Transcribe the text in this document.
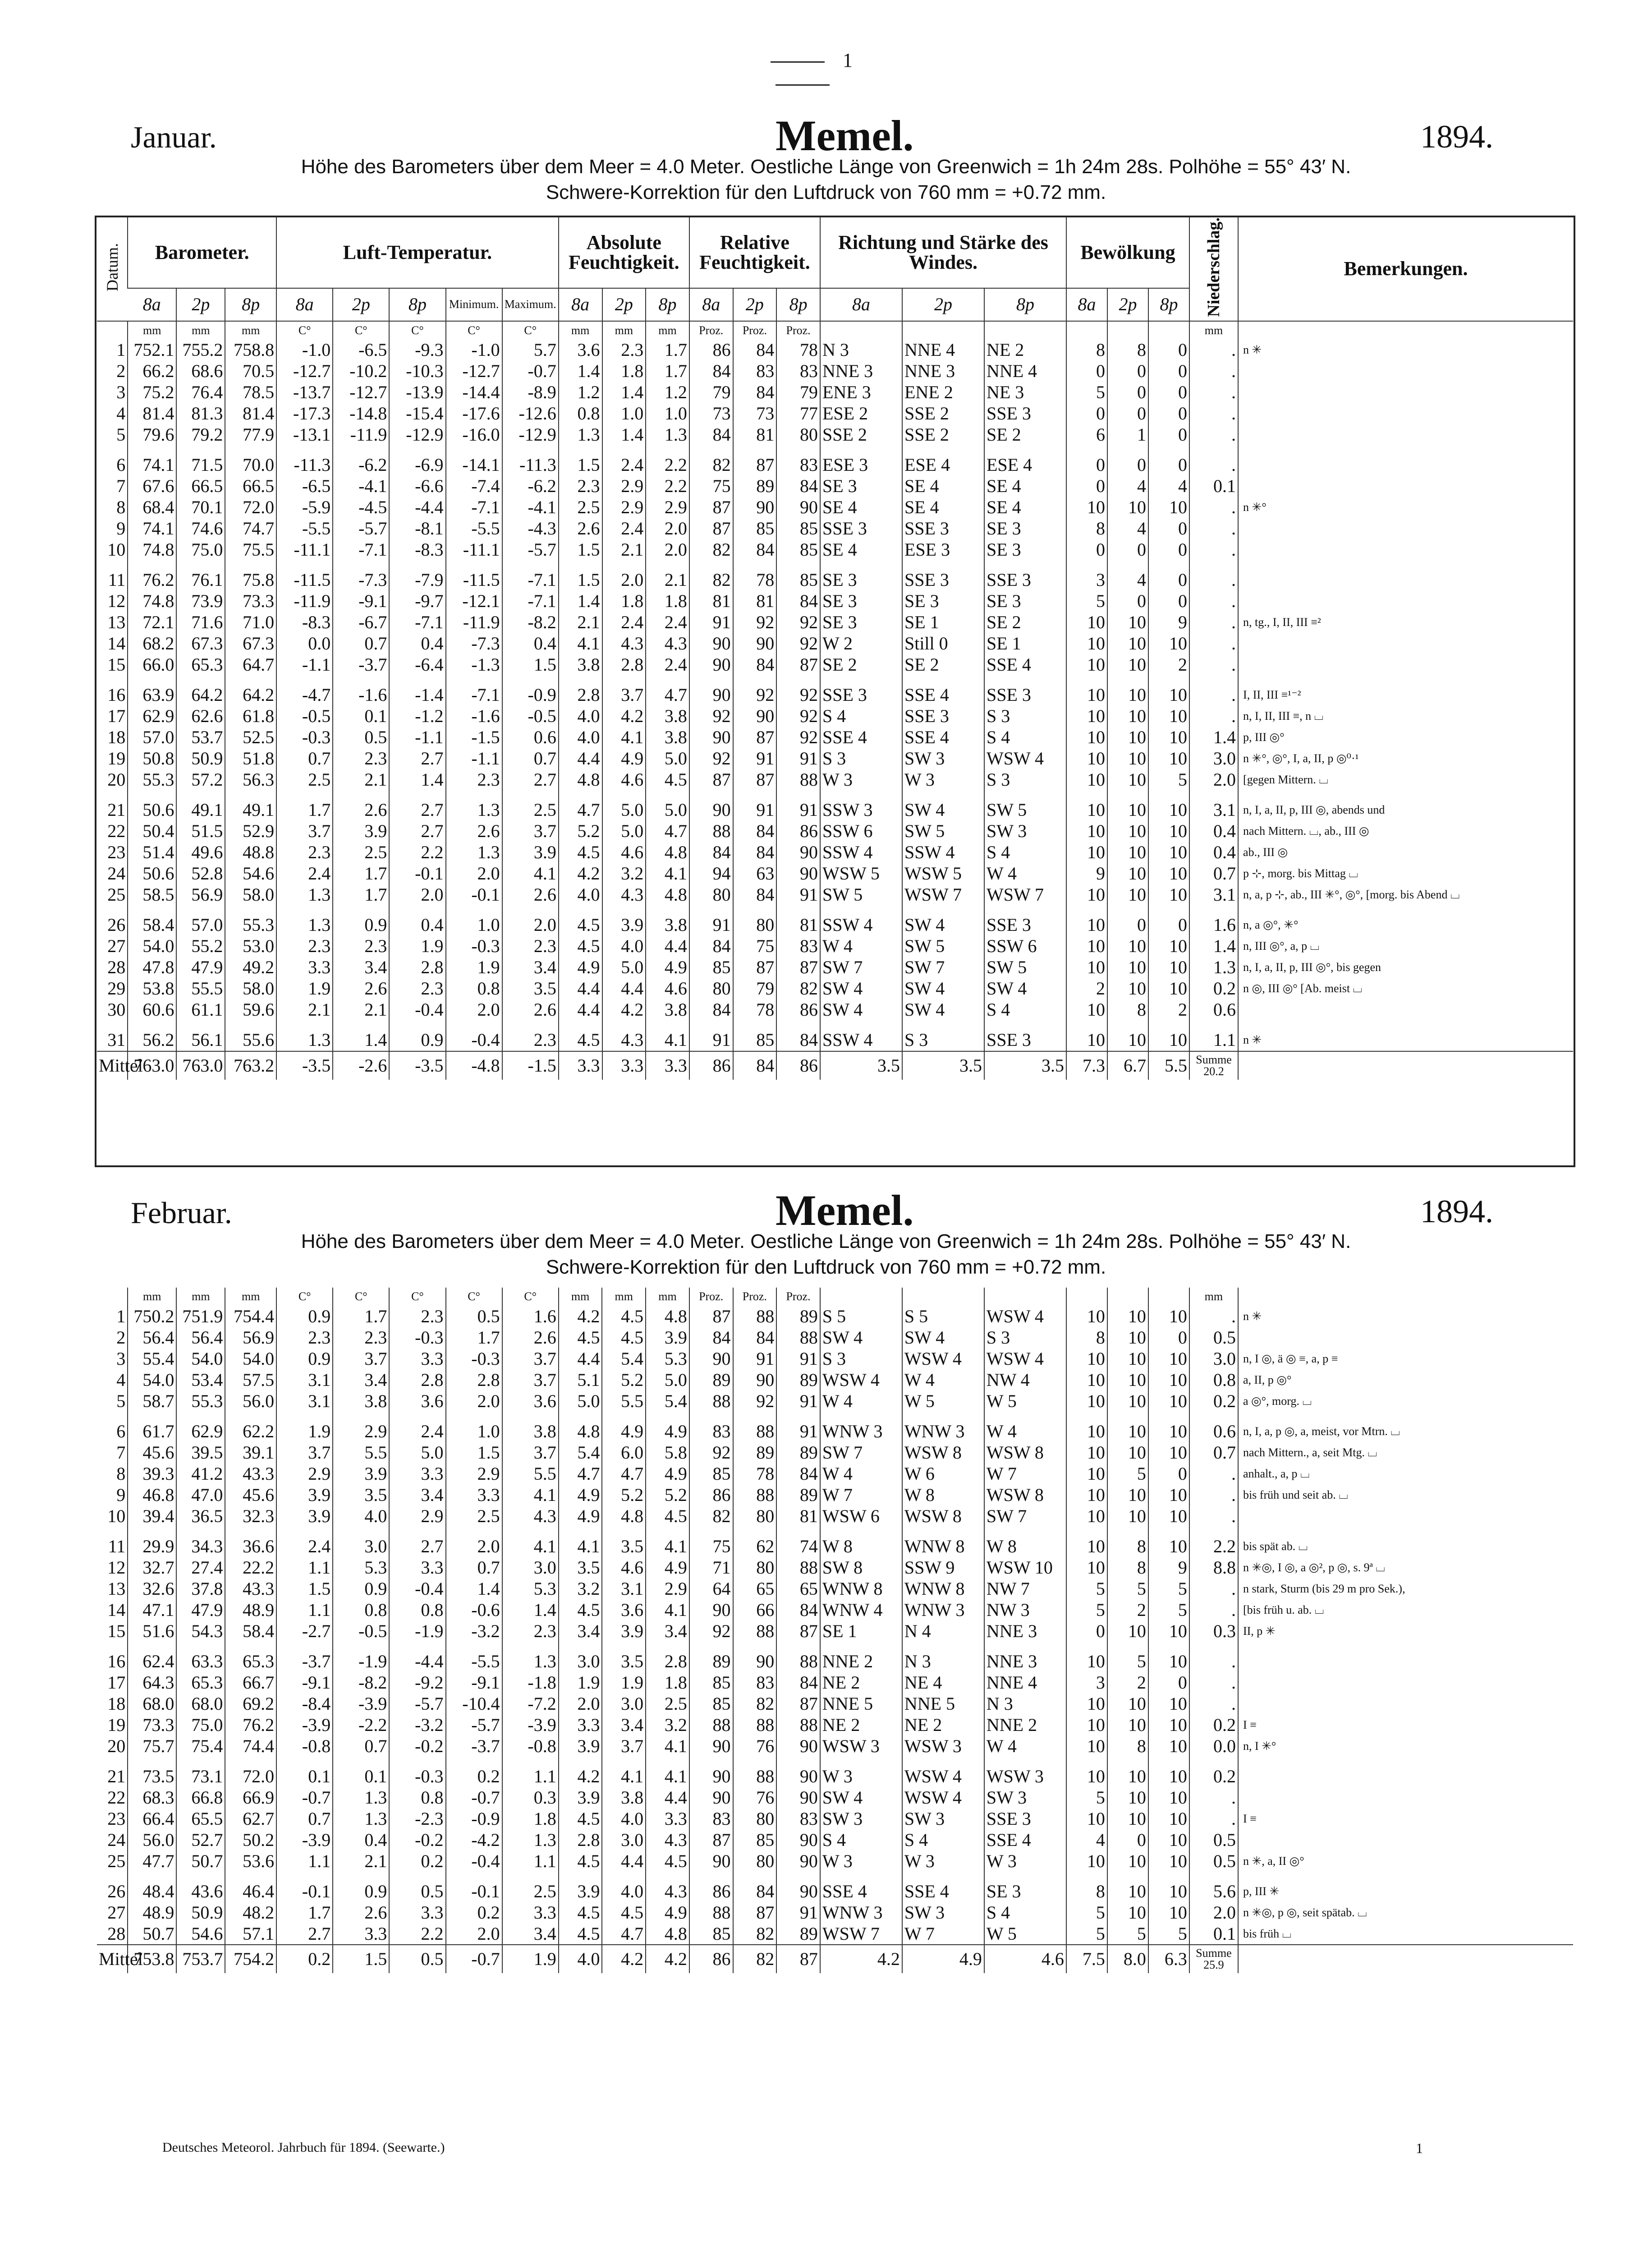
1
Januar.	Memel.	1894.
Höhe des Barometers über dem Meer = 4.0 Meter. Oestliche Länge von Greenwich = 1h 24m 28s. Polhöhe = 55° 43′ N.
Schwere-Korrektion für den Luftdruck von 760 mm = +0.72 mm.
Datum.	Barometer.			Luft-Temperatur.					Absolute Feuchtigkeit.			Relative Feuchtigkeit.			Richtung und Stärke des Windes.			Bewölkung			Niederschlag.	Bemerkungen.
	8a	2p	8p	8a	2p	8p	Minimum.	Maximum.	8a	2p	8p	8a	2p	8p	8a	2p	8p	8a	2p	8p		
	mm	mm	mm	C°	C°	C°	C°	C°	mm	mm	mm	Proz.	Proz.	Proz.							mm	
1	752.1	755.2	758.8	-1.0	-6.5	-9.3	-1.0	5.7	3.6	2.3	1.7	86	84	78	N 3	NNE 4	NE 2	8	8	0	.	n ✳
2	66.2	68.6	70.5	-12.7	-10.2	-10.3	-12.7	-0.7	1.4	1.8	1.7	84	83	83	NNE 3	NNE 3	NNE 4	0	0	0	.	
3	75.2	76.4	78.5	-13.7	-12.7	-13.9	-14.4	-8.9	1.2	1.4	1.2	79	84	79	ENE 3	ENE 2	NE 3	5	0	0	.	
4	81.4	81.3	81.4	-17.3	-14.8	-15.4	-17.6	-12.6	0.8	1.0	1.0	73	73	77	ESE 2	SSE 2	SSE 3	0	0	0	.	
5	79.6	79.2	77.9	-13.1	-11.9	-12.9	-16.0	-12.9	1.3	1.4	1.3	84	81	80	SSE 2	SSE 2	SE 2	6	1	0	.	
6	74.1	71.5	70.0	-11.3	-6.2	-6.9	-14.1	-11.3	1.5	2.4	2.2	82	87	83	ESE 3	ESE 4	ESE 4	0	0	0	.	
7	67.6	66.5	66.5	-6.5	-4.1	-6.6	-7.4	-6.2	2.3	2.9	2.2	75	89	84	SE 3	SE 4	SE 4	0	4	4	0.1	
8	68.4	70.1	72.0	-5.9	-4.5	-4.4	-7.1	-4.1	2.5	2.9	2.9	87	90	90	SE 4	SE 4	SE 4	10	10	10	.	n ✳°
9	74.1	74.6	74.7	-5.5	-5.7	-8.1	-5.5	-4.3	2.6	2.4	2.0	87	85	85	SSE 3	SSE 3	SE 3	8	4	0	.	
10	74.8	75.0	75.5	-11.1	-7.1	-8.3	-11.1	-5.7	1.5	2.1	2.0	82	84	85	SE 4	ESE 3	SE 3	0	0	0	.	
11	76.2	76.1	75.8	-11.5	-7.3	-7.9	-11.5	-7.1	1.5	2.0	2.1	82	78	85	SE 3	SSE 3	SSE 3	3	4	0	.	
12	74.8	73.9	73.3	-11.9	-9.1	-9.7	-12.1	-7.1	1.4	1.8	1.8	81	81	84	SE 3	SE 3	SE 3	5	0	0	.	
13	72.1	71.6	71.0	-8.3	-6.7	-7.1	-11.9	-8.2	2.1	2.4	2.4	91	92	92	SE 3	SE 1	SE 2	10	10	9	.	n, tg., I, II, III ≡²
14	68.2	67.3	67.3	0.0	0.7	0.4	-7.3	0.4	4.1	4.3	4.3	90	90	92	W 2	Still 0	SE 1	10	10	10	.	
15	66.0	65.3	64.7	-1.1	-3.7	-6.4	-1.3	1.5	3.8	2.8	2.4	90	84	87	SE 2	SE 2	SSE 4	10	10	2	.	
16	63.9	64.2	64.2	-4.7	-1.6	-1.4	-7.1	-0.9	2.8	3.7	4.7	90	92	92	SSE 3	SSE 4	SSE 3	10	10	10	.	I, II, III ≡¹⁻²
17	62.9	62.6	61.8	-0.5	0.1	-1.2	-1.6	-0.5	4.0	4.2	3.8	92	90	92	S 4	SSE 3	S 3	10	10	10	.	n, I, II, III ≡, n ⌴
18	57.0	53.7	52.5	-0.3	0.5	-1.1	-1.5	0.6	4.0	4.1	3.8	90	87	92	SSE 4	SSE 4	S 4	10	10	10	1.4	p, III ◎°
19	50.8	50.9	51.8	0.7	2.3	2.7	-1.1	0.7	4.4	4.9	5.0	92	91	91	S 3	SW 3	WSW 4	10	10	10	3.0	n ✳°, ◎°, I, a, II, p ◎⁰·¹
20	55.3	57.2	56.3	2.5	2.1	1.4	2.3	2.7	4.8	4.6	4.5	87	87	88	W 3	W 3	S 3	10	10	5	2.0	[gegen Mittern. ⌴
21	50.6	49.1	49.1	1.7	2.6	2.7	1.3	2.5	4.7	5.0	5.0	90	91	91	SSW 3	SW 4	SW 5	10	10	10	3.1	n, I, a, II, p, III ◎, abends und
22	50.4	51.5	52.9	3.7	3.9	2.7	2.6	3.7	5.2	5.0	4.7	88	84	86	SSW 6	SW 5	SW 3	10	10	10	0.4	nach Mittern. ⌴, ab., III ◎
23	51.4	49.6	48.8	2.3	2.5	2.2	1.3	3.9	4.5	4.6	4.8	84	84	90	SSW 4	SSW 4	S 4	10	10	10	0.4	ab., III ◎
24	50.6	52.8	54.6	2.4	1.7	-0.1	2.0	4.1	4.2	3.2	4.1	94	63	90	WSW 5	WSW 5	W 4	9	10	10	0.7	p ⊹, morg. bis Mittag ⌴
25	58.5	56.9	58.0	1.3	1.7	2.0	-0.1	2.6	4.0	4.3	4.8	80	84	91	SW 5	WSW 7	WSW 7	10	10	10	3.1	n, a, p ⊹, ab., III ✳°, ◎°, [morg. bis Abend ⌴
26	58.4	57.0	55.3	1.3	0.9	0.4	1.0	2.0	4.5	3.9	3.8	91	80	81	SSW 4	SW 4	SSE 3	10	0	0	1.6	n, a ◎°, ✳°
27	54.0	55.2	53.0	2.3	2.3	1.9	-0.3	2.3	4.5	4.0	4.4	84	75	83	W 4	SW 5	SSW 6	10	10	10	1.4	n, III ◎°, a, p ⌴
28	47.8	47.9	49.2	3.3	3.4	2.8	1.9	3.4	4.9	5.0	4.9	85	87	87	SW 7	SW 7	SW 5	10	10	10	1.3	n, I, a, II, p, III ◎°, bis gegen
29	53.8	55.5	58.0	1.9	2.6	2.3	0.8	3.5	4.4	4.4	4.6	80	79	82	SW 4	SW 4	SW 4	2	10	10	0.2	n ◎, III ◎° [Ab. meist ⌴
30	60.6	61.1	59.6	2.1	2.1	-0.4	2.0	2.6	4.4	4.2	3.8	84	78	86	SW 4	SW 4	S 4	10	8	2	0.6	
31	56.2	56.1	55.6	1.3	1.4	0.9	-0.4	2.3	4.5	4.3	4.1	91	85	84	SSW 4	S 3	SSE 3	10	10	10	1.1	n ✳
Mittel	763.0	763.0	763.2	-3.5	-2.6	-3.5	-4.8	-1.5	3.3	3.3	3.3	86	84	86	3.5	3.5	3.5	7.3	6.7	5.5	Summe 20.2	
Februar.	Memel.	1894.
Höhe des Barometers über dem Meer = 4.0 Meter. Oestliche Länge von Greenwich = 1h 24m 28s. Polhöhe = 55° 43′ N.
Schwere-Korrektion für den Luftdruck von 760 mm = +0.72 mm.
	mm	mm	mm	C°	C°	C°	C°	C°	mm	mm	mm	Proz.	Proz.	Proz.							mm	
1	750.2	751.9	754.4	0.9	1.7	2.3	0.5	1.6	4.2	4.5	4.8	87	88	89	S 5	S 5	WSW 4	10	10	10	.	n ✳
2	56.4	56.4	56.9	2.3	2.3	-0.3	1.7	2.6	4.5	4.5	3.9	84	84	88	SW 4	SW 4	S 3	8	10	0	0.5	
3	55.4	54.0	54.0	0.9	3.7	3.3	-0.3	3.7	4.4	5.4	5.3	90	91	91	S 3	WSW 4	WSW 4	10	10	10	3.0	n, I ◎, ä ◎ ≡, a, p ≡
4	54.0	53.4	57.5	3.1	3.4	2.8	2.8	3.7	5.1	5.2	5.0	89	90	89	WSW 4	W 4	NW 4	10	10	10	0.8	a, II, p ◎°
5	58.7	55.3	56.0	3.1	3.8	3.6	2.0	3.6	5.0	5.5	5.4	88	92	91	W 4	W 5	W 5	10	10	10	0.2	a ◎°, morg. ⌴
6	61.7	62.9	62.2	1.9	2.9	2.4	1.0	3.8	4.8	4.9	4.9	83	88	91	WNW 3	WNW 3	W 4	10	10	10	0.6	n, I, a, p ◎, a, meist, vor Mtrn. ⌴
7	45.6	39.5	39.1	3.7	5.5	5.0	1.5	3.7	5.4	6.0	5.8	92	89	89	SW 7	WSW 8	WSW 8	10	10	10	0.7	nach Mittern., a, seit Mtg. ⌴
8	39.3	41.2	43.3	2.9	3.9	3.3	2.9	5.5	4.7	4.7	4.9	85	78	84	W 4	W 6	W 7	10	5	0	.	anhalt., a, p ⌴
9	46.8	47.0	45.6	3.9	3.5	3.4	3.3	4.1	4.9	5.2	5.2	86	88	89	W 7	W 8	WSW 8	10	10	10	.	bis früh und seit ab. ⌴
10	39.4	36.5	32.3	3.9	4.0	2.9	2.5	4.3	4.9	4.8	4.5	82	80	81	WSW 6	WSW 8	SW 7	10	10	10	.	
11	29.9	34.3	36.6	2.4	3.0	2.7	2.0	4.1	4.1	3.5	4.1	75	62	74	W 8	WNW 8	W 8	10	8	10	2.2	bis spät ab. ⌴
12	32.7	27.4	22.2	1.1	5.3	3.3	0.7	3.0	3.5	4.6	4.9	71	80	88	SW 8	SSW 9	WSW 10	10	8	9	8.8	n ✳◎, I ◎, a ◎², p ◎, s. 9ª ⌴
13	32.6	37.8	43.3	1.5	0.9	-0.4	1.4	5.3	3.2	3.1	2.9	64	65	65	WNW 8	WNW 8	NW 7	5	5	5	.	n stark, Sturm (bis 29 m pro Sek.),
14	47.1	47.9	48.9	1.1	0.8	0.8	-0.6	1.4	4.5	3.6	4.1	90	66	84	WNW 4	WNW 3	NW 3	5	2	5	.	[bis früh u. ab. ⌴
15	51.6	54.3	58.4	-2.7	-0.5	-1.9	-3.2	2.3	3.4	3.9	3.4	92	88	87	SE 1	N 4	NNE 3	0	10	10	0.3	II, p ✳
16	62.4	63.3	65.3	-3.7	-1.9	-4.4	-5.5	1.3	3.0	3.5	2.8	89	90	88	NNE 2	N 3	NNE 3	10	5	10	.	
17	64.3	65.3	66.7	-9.1	-8.2	-9.2	-9.1	-1.8	1.9	1.9	1.8	85	83	84	NE 2	NE 4	NNE 4	3	2	0	.	
18	68.0	68.0	69.2	-8.4	-3.9	-5.7	-10.4	-7.2	2.0	3.0	2.5	85	82	87	NNE 5	NNE 5	N 3	10	10	10	.	
19	73.3	75.0	76.2	-3.9	-2.2	-3.2	-5.7	-3.9	3.3	3.4	3.2	88	88	88	NE 2	NE 2	NNE 2	10	10	10	0.2	I ≡
20	75.7	75.4	74.4	-0.8	0.7	-0.2	-3.7	-0.8	3.9	3.7	4.1	90	76	90	WSW 3	WSW 3	W 4	10	8	10	0.0	n, I ✳°
21	73.5	73.1	72.0	0.1	0.1	-0.3	0.2	1.1	4.2	4.1	4.1	90	88	90	W 3	WSW 4	WSW 3	10	10	10	0.2	
22	68.3	66.8	66.9	-0.7	1.3	0.8	-0.7	0.3	3.9	3.8	4.4	90	76	90	SW 4	WSW 4	SW 3	5	10	10	.	
23	66.4	65.5	62.7	0.7	1.3	-2.3	-0.9	1.8	4.5	4.0	3.3	83	80	83	SW 3	SW 3	SSE 3	10	10	10	.	I ≡
24	56.0	52.7	50.2	-3.9	0.4	-0.2	-4.2	1.3	2.8	3.0	4.3	87	85	90	S 4	S 4	SSE 4	4	0	10	0.5	
25	47.7	50.7	53.6	1.1	2.1	0.2	-0.4	1.1	4.5	4.4	4.5	90	80	90	W 3	W 3	W 3	10	10	10	0.5	n ✳, a, II ◎°
26	48.4	43.6	46.4	-0.1	0.9	0.5	-0.1	2.5	3.9	4.0	4.3	86	84	90	SSE 4	SSE 4	SE 3	8	10	10	5.6	p, III ✳
27	48.9	50.9	48.2	1.7	2.6	3.3	0.2	3.3	4.5	4.5	4.9	88	87	91	WNW 3	SW 3	S 4	5	10	10	2.0	n ✳◎, p ◎, seit spätab. ⌴
28	50.7	54.6	57.1	2.7	3.3	2.2	2.0	3.4	4.5	4.7	4.8	85	82	89	WSW 7	W 7	W 5	5	5	5	0.1	bis früh ⌴
Mittel	753.8	753.7	754.2	0.2	1.5	0.5	-0.7	1.9	4.0	4.2	4.2	86	82	87	4.2	4.9	4.6	7.5	8.0	6.3	Summe 25.9	
Deutsches Meteorol. Jahrbuch für 1894. (Seewarte.)	1
